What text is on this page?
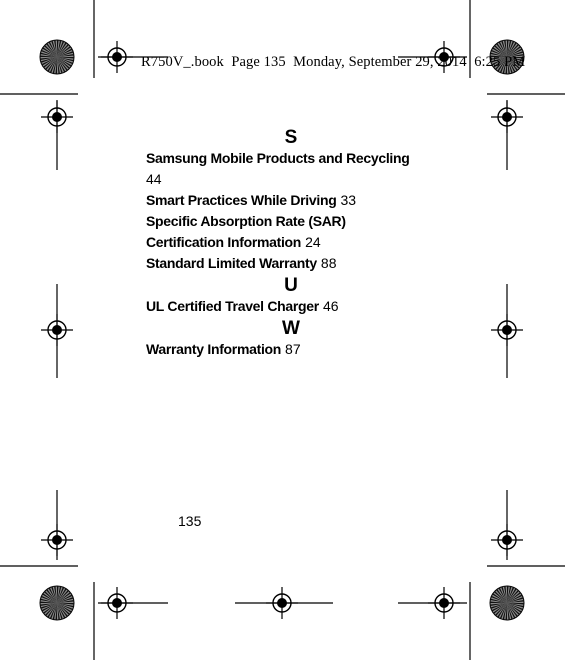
R750V_.book  Page 135  Monday, September 29, 2014  6:25 PM
S
Samsung Mobile Products and Recycling
44
Smart Practices While Driving 33
Specific Absorption Rate (SAR)
Certification Information 24
Standard Limited Warranty 88
U
UL Certified Travel Charger 46
W
Warranty Information 87
135
